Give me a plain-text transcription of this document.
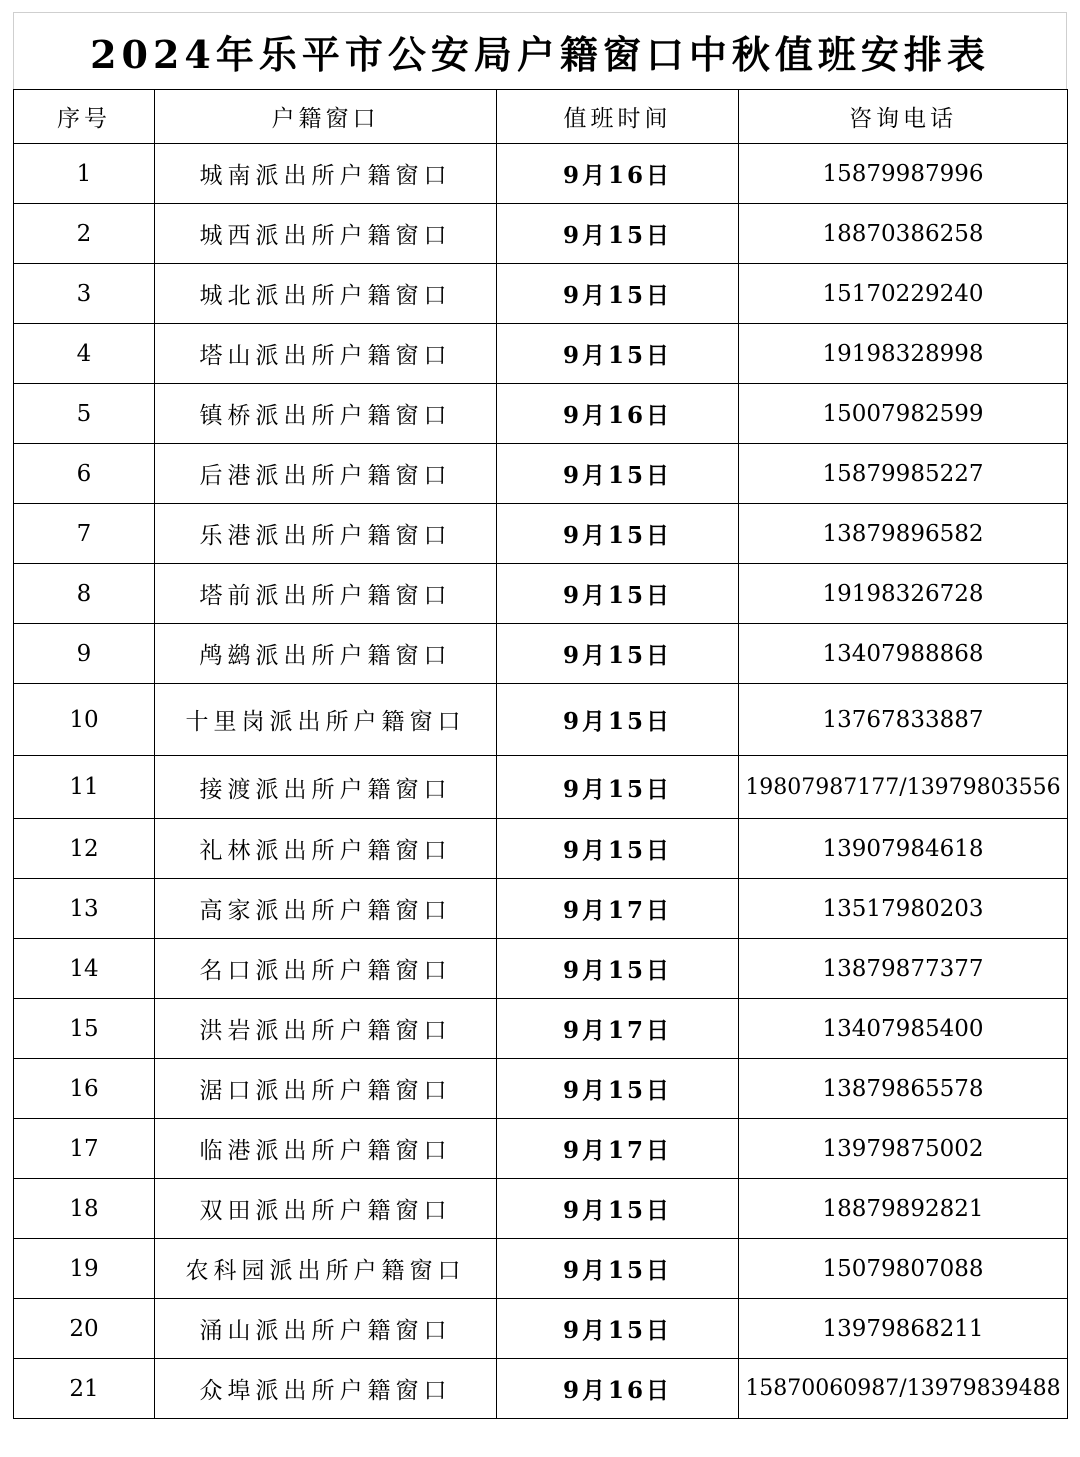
2024年乐平市公安局户籍窗口中秋值班安排表
序号	户籍窗口	值班时间	咨询电话
1	城南派出所户籍窗口	9月16日	15879987996
2	城西派出所户籍窗口	9月15日	18870386258
3	城北派出所户籍窗口	9月15日	15170229240
4	塔山派出所户籍窗口	9月15日	19198328998
5	镇桥派出所户籍窗口	9月16日	15007982599
6	后港派出所户籍窗口	9月15日	15879985227
7	乐港派出所户籍窗口	9月15日	13879896582
8	塔前派出所户籍窗口	9月15日	19198326728
9	鸬鹚派出所户籍窗口	9月15日	13407988868
10	十里岗派出所户籍窗口	9月15日	13767833887
11	接渡派出所户籍窗口	9月15日	19807987177/13979803556
12	礼林派出所户籍窗口	9月15日	13907984618
13	高家派出所户籍窗口	9月17日	13517980203
14	名口派出所户籍窗口	9月15日	13879877377
15	洪岩派出所户籍窗口	9月17日	13407985400
16	涺口派出所户籍窗口	9月15日	13879865578
17	临港派出所户籍窗口	9月17日	13979875002
18	双田派出所户籍窗口	9月15日	18879892821
19	农科园派出所户籍窗口	9月15日	15079807088
20	涌山派出所户籍窗口	9月15日	13979868211
21	众埠派出所户籍窗口	9月16日	15870060987/13979839488
